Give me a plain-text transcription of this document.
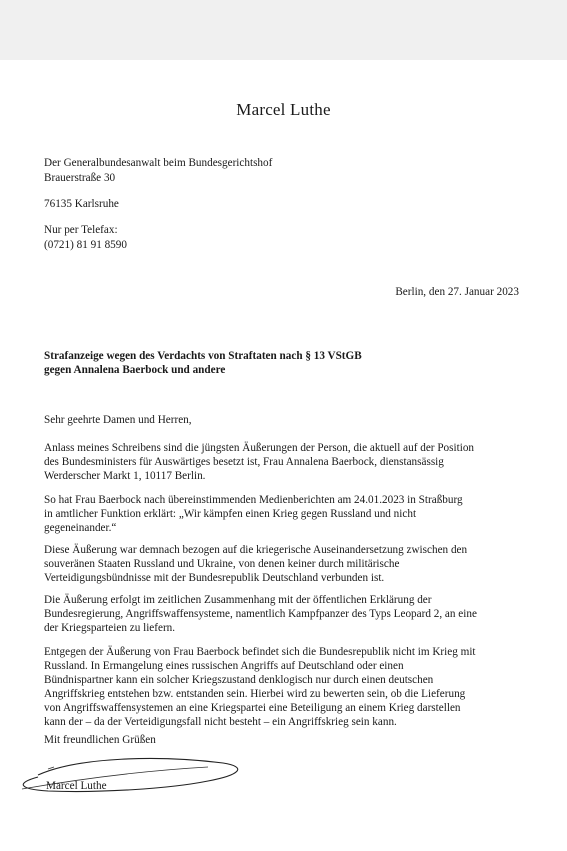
Marcel Luthe
Der Generalbundesanwalt beim Bundesgerichtshof
Brauerstraße 30
76135 Karlsruhe
Nur per Telefax:
(0721) 81 91 8590
Berlin, den 27. Januar 2023
Strafanzeige wegen des Verdachts von Straftaten nach § 13 VStGB
gegen Annalena Baerbock und andere
Sehr geehrte Damen und Herren,
Anlass meines Schreibens sind die jüngsten Äußerungen der Person, die aktuell auf der Position
des Bundesministers für Auswärtiges besetzt ist, Frau Annalena Baerbock, dienstansässig
Werderscher Markt 1, 10117 Berlin.
So hat Frau Baerbock nach übereinstimmenden Medienberichten am 24.01.2023 in Straßburg
in amtlicher Funktion erklärt: „Wir kämpfen einen Krieg gegen Russland und nicht
gegeneinander.“
Diese Äußerung war demnach bezogen auf die kriegerische Auseinandersetzung zwischen den
souveränen Staaten Russland und Ukraine, von denen keiner durch militärische
Verteidigungsbündnisse mit der Bundesrepublik Deutschland verbunden ist.
Die Äußerung erfolgt im zeitlichen Zusammenhang mit der öffentlichen Erklärung der
Bundesregierung, Angriffswaffensysteme, namentlich Kampfpanzer des Typs Leopard 2, an eine
der Kriegsparteien zu liefern.
Entgegen der Äußerung von Frau Baerbock befindet sich die Bundesrepublik nicht im Krieg mit
Russland. In Ermangelung eines russischen Angriffs auf Deutschland oder einen
Bündnispartner kann ein solcher Kriegszustand denklogisch nur durch einen deutschen
Angriffskrieg entstehen bzw. entstanden sein. Hierbei wird zu bewerten sein, ob die Lieferung
von Angriffswaffensystemen an eine Kriegspartei eine Beteiligung an einem Krieg darstellen
kann der – da der Verteidigungsfall nicht besteht – ein Angriffskrieg sein kann.
Mit freundlichen Grüßen
Marcel Luthe
